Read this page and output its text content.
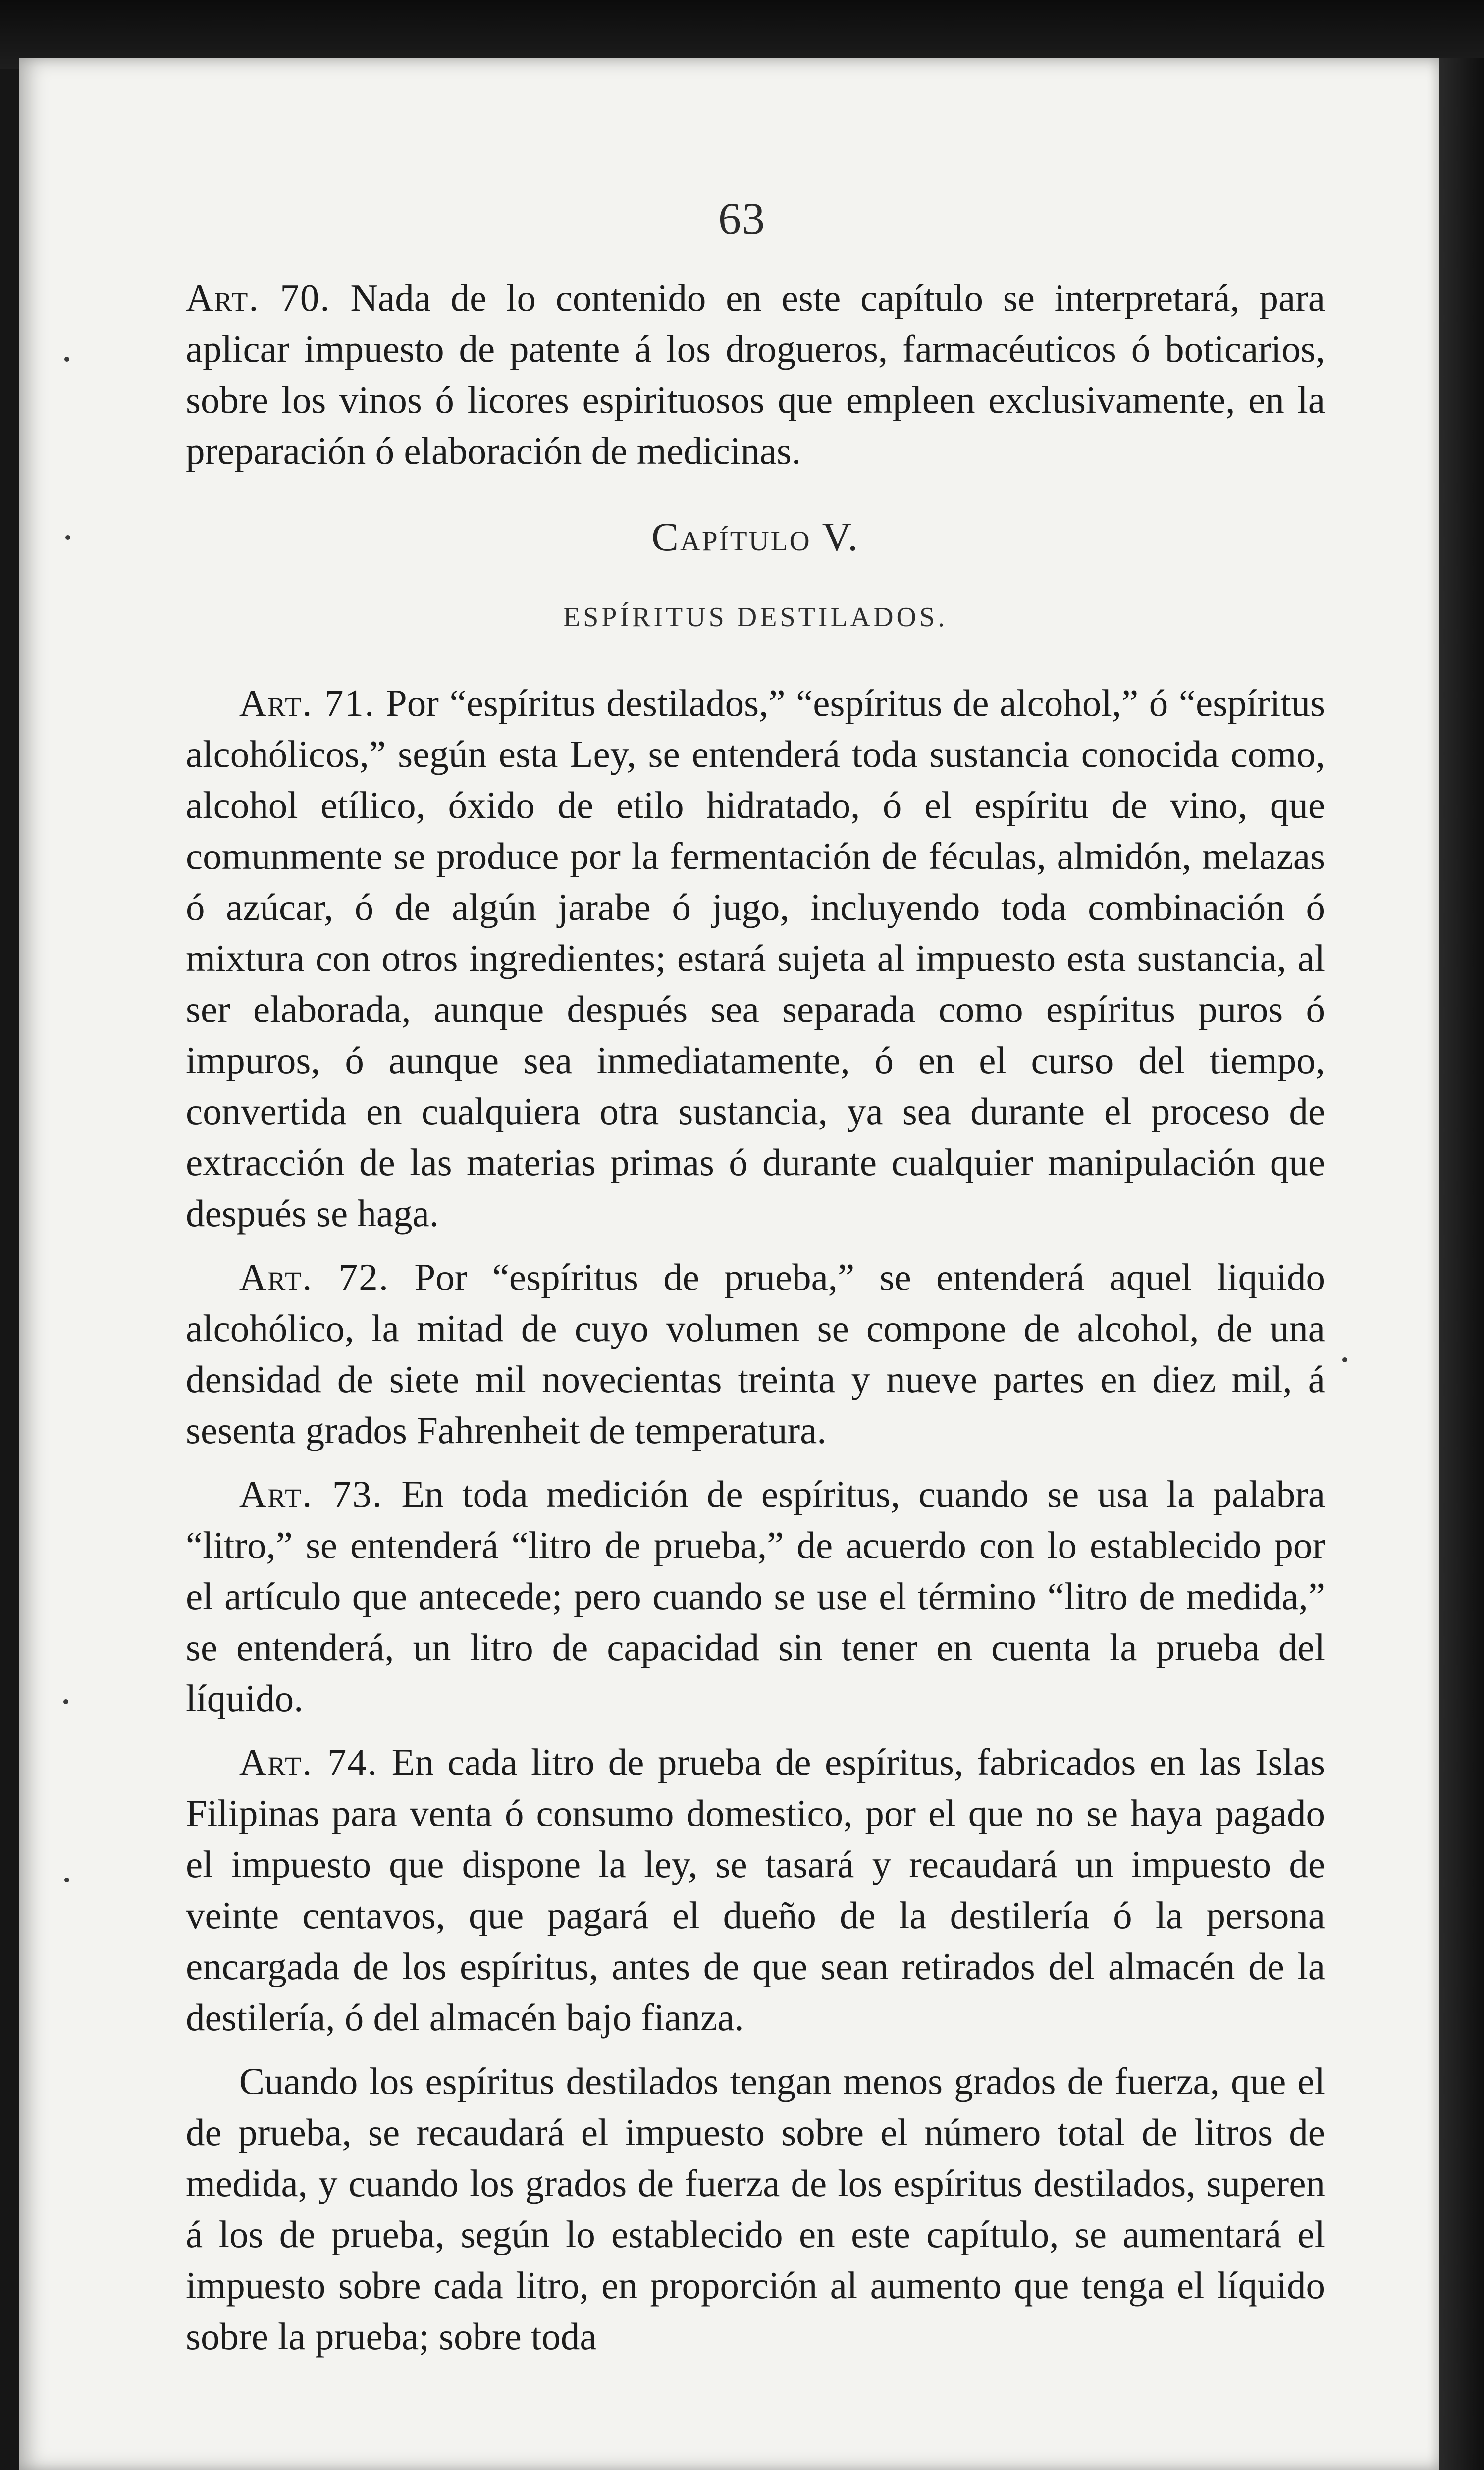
63

Art. 70. Nada de lo contenido en este capítulo se interpretará, para aplicar impuesto de patente á los drogueros, farmacéuticos ó boticarios, sobre los vinos ó licores espirituosos que empleen exclusivamente, en la preparación ó elaboración de medicinas.

Capítulo V.
ESPÍRITUS DESTILADOS.

Art. 71. Por “espíritus destilados,” “espíritus de alcohol,” ó “espíritus alcohólicos,” según esta Ley, se entenderá toda sustancia conocida como, alcohol etílico, óxido de etilo hidratado, ó el espíritu de vino, que comunmente se produce por la fermentación de féculas, almidón, melazas ó azúcar, ó de algún jarabe ó jugo, incluyendo toda combinación ó mixtura con otros ingredientes; estará sujeta al impuesto esta sustancia, al ser elaborada, aunque después sea separada como espíritus puros ó impuros, ó aunque sea inmediatamente, ó en el curso del tiempo, convertida en cualquiera otra sustancia, ya sea durante el proceso de extracción de las materias primas ó durante cualquier manipulación que después se haga.

Art. 72. Por “espíritus de prueba,” se entenderá aquel liquido alcohólico, la mitad de cuyo volumen se compone de alcohol, de una densidad de siete mil novecientas treinta y nueve partes en diez mil, á sesenta grados Fahrenheit de temperatura.

Art. 73. En toda medición de espíritus, cuando se usa la palabra “litro,” se entenderá “litro de prueba,” de acuerdo con lo establecido por el artículo que antecede; pero cuando se use el término “litro de medida,” se entenderá, un litro de capacidad sin tener en cuenta la prueba del líquido.

Art. 74. En cada litro de prueba de espíritus, fabricados en las Islas Filipinas para venta ó consumo domestico, por el que no se haya pagado el impuesto que dispone la ley, se tasará y recaudará un impuesto de veinte centavos, que pagará el dueño de la destilería ó la persona encargada de los espíritus, antes de que sean retirados del almacén de la destilería, ó del almacén bajo fianza.

Cuando los espíritus destilados tengan menos grados de fuerza, que el de prueba, se recaudará el impuesto sobre el número total de litros de medida, y cuando los grados de fuerza de los espíritus destilados, superen á los de prueba, según lo establecido en este capítulo, se aumentará el impuesto sobre cada litro, en proporción al aumento que tenga el líquido sobre la prueba; sobre toda
